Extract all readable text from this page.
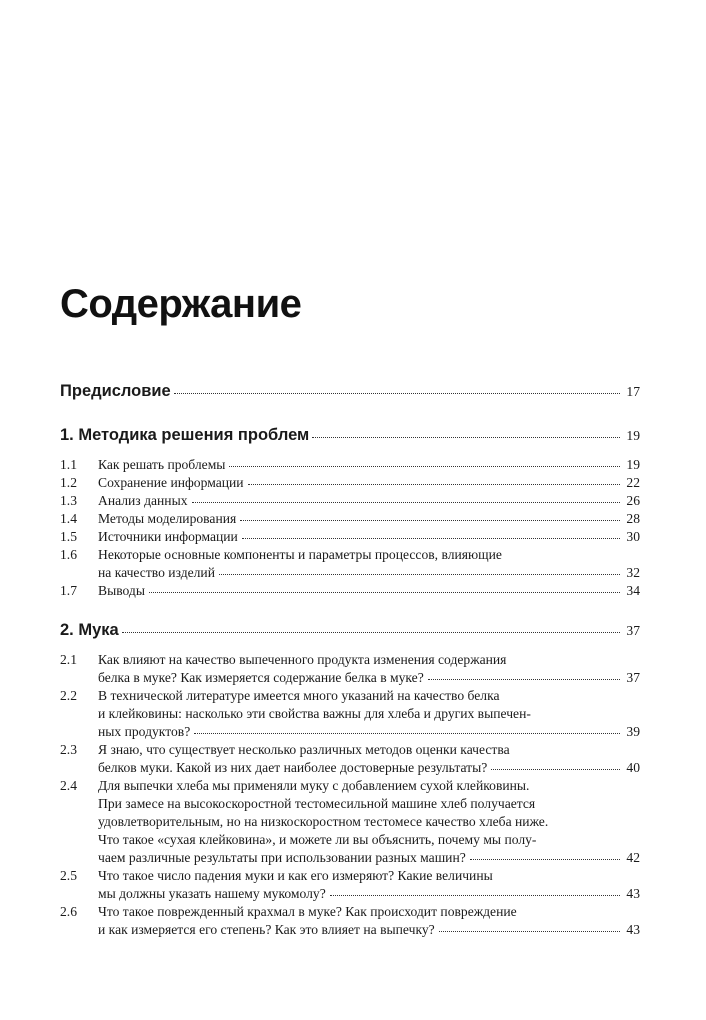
Содержание
Предисловие	17
1. Методика решения проблем	19
1.1	Как решать проблемы	19
1.2	Сохранение информации	22
1.3	Анализ данных	26
1.4	Методы моделирования	28
1.5	Источники информации	30
1.6	Некоторые основные компоненты и параметры процессов, влияющие
на качество изделий	32
1.7	Выводы	34
2. Мука	37
2.1	Как влияют на качество выпеченного продукта изменения содержания
белка в муке? Как измеряется содержание белка в муке?	37
2.2	В технической литературе имеется много указаний на качество белка
и клейковины: насколько эти свойства важны для хлеба и других выпечен-
ных продуктов?	39
2.3	Я знаю, что существует несколько различных методов оценки качества
белков муки. Какой из них дает наиболее достоверные результаты?	40
2.4	Для выпечки хлеба мы применяли муку с добавлением сухой клейковины.
При замесе на высокоскоростной тестомесильной машине хлеб получается
удовлетворительным, но на низкоскоростном тестомесе качество хлеба ниже.
Что такое «сухая клейковина», и можете ли вы объяснить, почему мы полу-
чаем различные результаты при использовании разных машин?	42
2.5	Что такое число падения муки и как его измеряют? Какие величины
мы должны указать нашему мукомолу?	43
2.6	Что такое поврежденный крахмал в муке? Как происходит повреждение
и как измеряется его степень? Как это влияет на выпечку?	43
